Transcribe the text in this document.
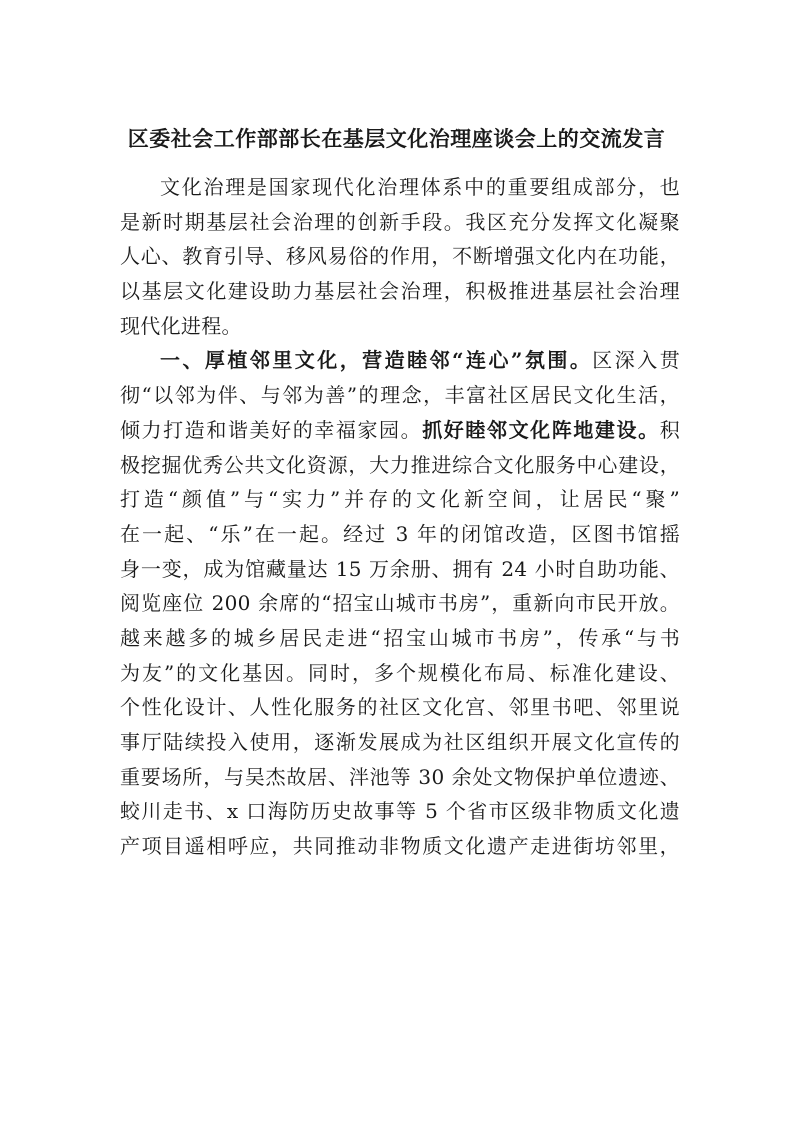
区委社会工作部部长在基层文化治理座谈会上的交流发言
文化治理是国家现代化治理体系中的重要组成部分，也
是新时期基层社会治理的创新手段。我区充分发挥文化凝聚
人心、教育引导、移风易俗的作用，不断增强文化内在功能，
以基层文化建设助力基层社会治理，积极推进基层社会治理
现代化进程。
一、厚植邻里文化，营造睦邻“连心”氛围。区深入贯
彻“以邻为伴、与邻为善”的理念，丰富社区居民文化生活，
倾力打造和谐美好的幸福家园。抓好睦邻文化阵地建设。积
极挖掘优秀公共文化资源，大力推进综合文化服务中心建设，
打造“颜值”与“实力”并存的文化新空间，让居民“聚”
在一起、“乐”在一起。经过 3 年的闭馆改造，区图书馆摇
身一变，成为馆藏量达 15 万余册、拥有 24 小时自助功能、
阅览座位 200 余席的“招宝山城市书房”，重新向市民开放。
越来越多的城乡居民走进“招宝山城市书房”，传承“与书
为友”的文化基因。同时，多个规模化布局、标准化建设、
个性化设计、人性化服务的社区文化宫、邻里书吧、邻里说
事厅陆续投入使用，逐渐发展成为社区组织开展文化宣传的
重要场所，与吴杰故居、泮池等 30 余处文物保护单位遗迹、
蛟川走书、x 口海防历史故事等 5 个省市区级非物质文化遗
产项目遥相呼应，共同推动非物质文化遗产走进街坊邻里，
